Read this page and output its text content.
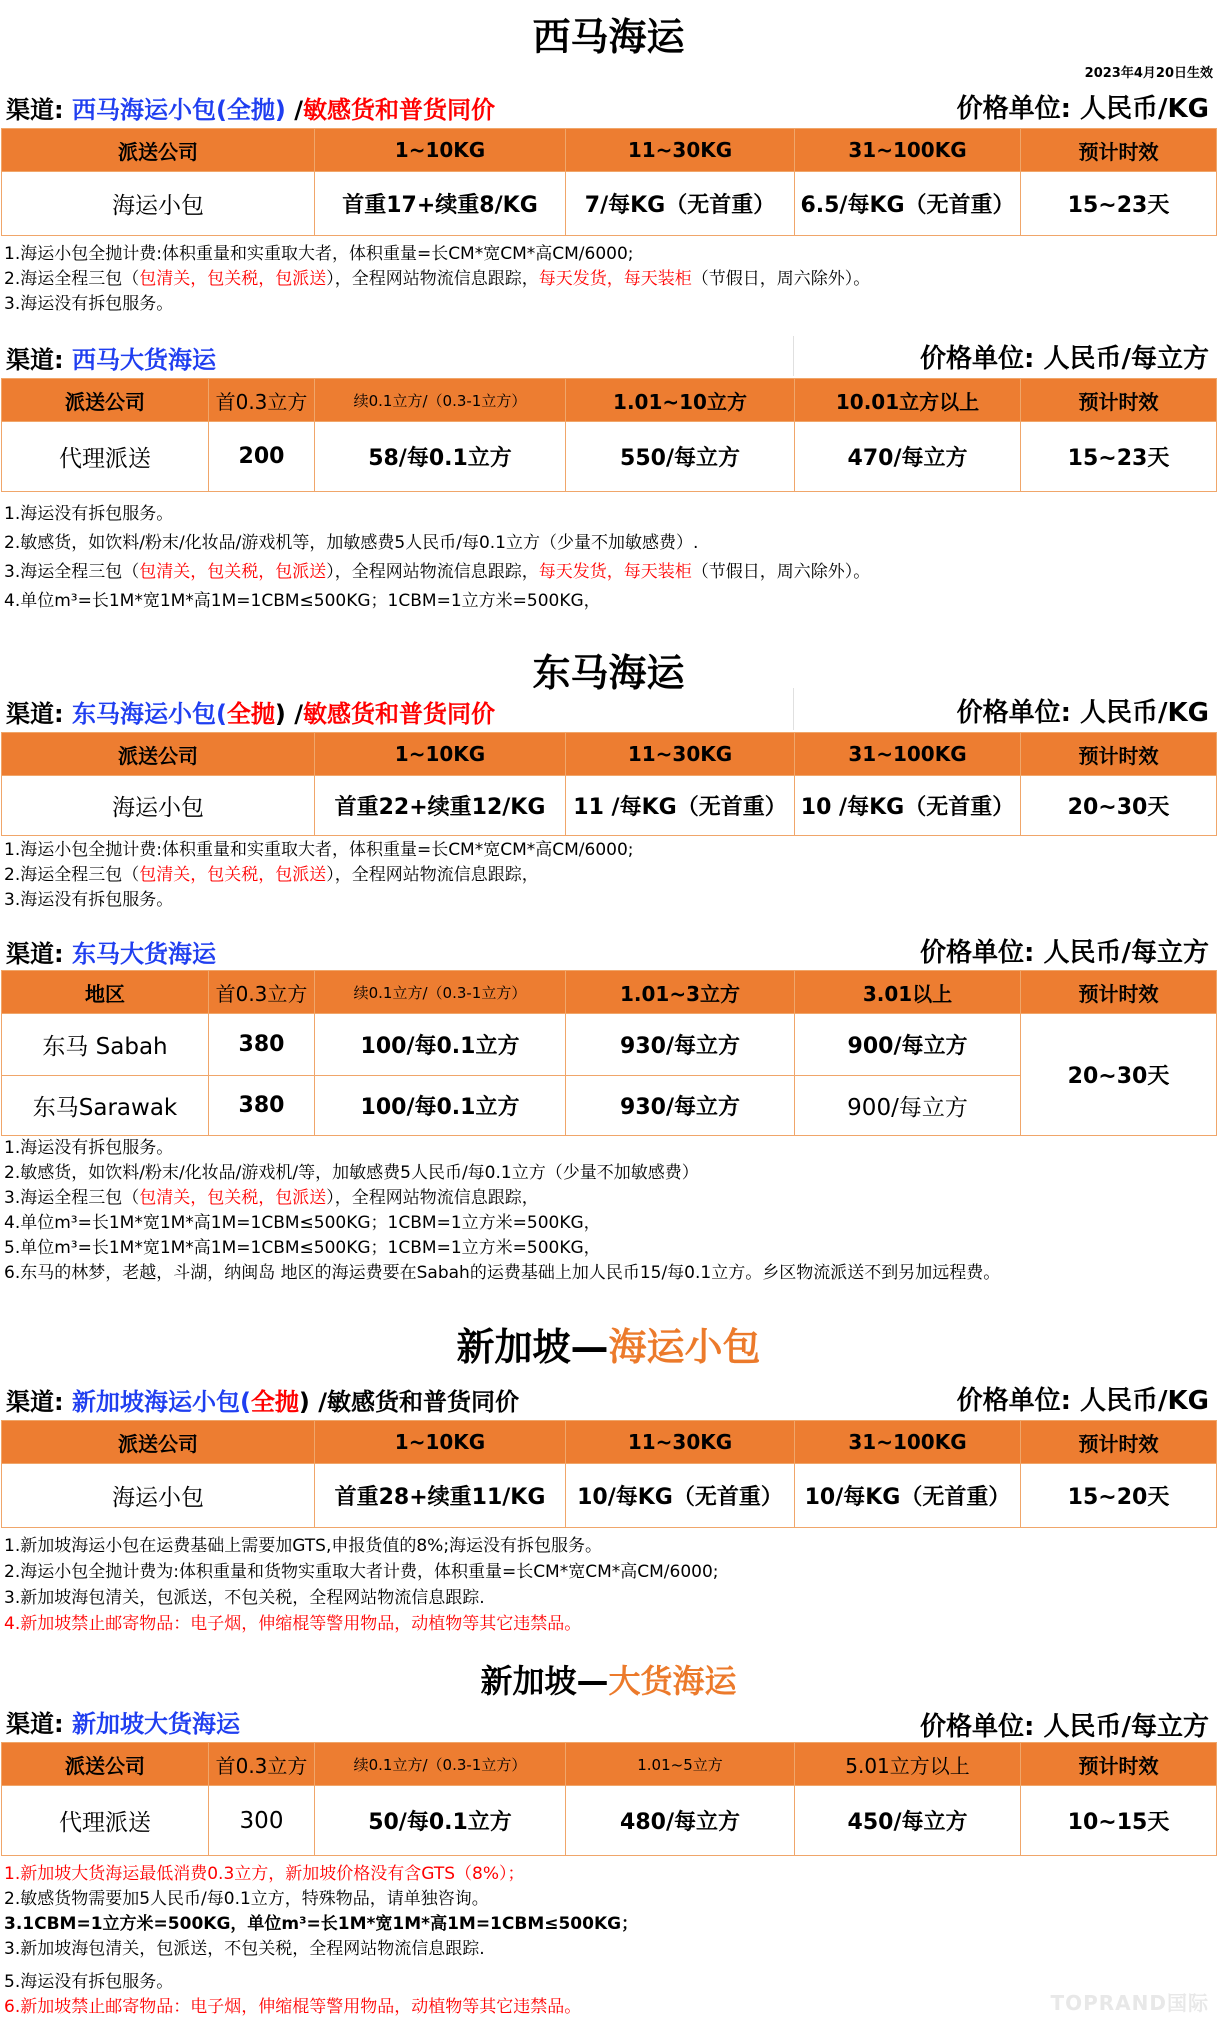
西马海运
2023年4月20日生效
渠道: 西马海运小包(全抛) /敏感货和普货同价	价格单位: 人民币/KG
派送公司	1~10KG	11~30KG	31~100KG	预计时效
海运小包	首重17+续重8/KG	7/每KG（无首重）	6.5/每KG（无首重）	15~23天
1.海运小包全抛计费:体积重量和实重取大者，体积重量=长CM*宽CM*高CM/6000;
2.海运全程三包（包清关，包关税，包派送），全程网站物流信息跟踪，每天发货，每天装柜（节假日，周六除外）。
3.海运没有拆包服务。
渠道: 西马大货海运	价格单位: 人民币/每立方
派送公司	首0.3立方	续0.1立方/（0.3-1立方）	1.01~10立方	10.01立方以上	预计时效
代理派送	200	58/每0.1立方	550/每立方	470/每立方	15~23天
1.海运没有拆包服务。
2.敏感货，如饮料/粉末/化妆品/游戏机等，加敏感费5人民币/每0.1立方（少量不加敏感费）.
3.海运全程三包（包清关，包关税，包派送），全程网站物流信息跟踪，每天发货，每天装柜（节假日，周六除外）。
4.单位m³=长1M*宽1M*高1M=1CBM≤500KG；1CBM=1立方米=500KG，
东马海运
渠道: 东马海运小包(全抛) /敏感货和普货同价	价格单位: 人民币/KG
派送公司	1~10KG	11~30KG	31~100KG	预计时效
海运小包	首重22+续重12/KG	11 /每KG（无首重）	10 /每KG（无首重）	20~30天
1.海运小包全抛计费:体积重量和实重取大者，体积重量=长CM*宽CM*高CM/6000;
2.海运全程三包（包清关，包关税，包派送），全程网站物流信息跟踪，
3.海运没有拆包服务。
渠道: 东马大货海运	价格单位: 人民币/每立方
地区	首0.3立方	续0.1立方/（0.3-1立方）	1.01~3立方	3.01以上	预计时效
东马 Sabah	380	100/每0.1立方	930/每立方	900/每立方	20~30天
东马Sarawak	380	100/每0.1立方	930/每立方	900/每立方	
1.海运没有拆包服务。
2.敏感货，如饮料/粉末/化妆品/游戏机/等，加敏感费5人民币/每0.1立方（少量不加敏感费）
3.海运全程三包（包清关，包关税，包派送），全程网站物流信息跟踪，
4.单位m³=长1M*宽1M*高1M=1CBM≤500KG；1CBM=1立方米=500KG，
5.单位m³=长1M*宽1M*高1M=1CBM≤500KG；1CBM=1立方米=500KG，
6.东马的林梦，老越，斗湖，纳闽岛 地区的海运费要在Sabah的运费基础上加人民币15/每0.1立方。乡区物流派送不到另加远程费。
新加坡—海运小包
渠道: 新加坡海运小包(全抛) /敏感货和普货同价	价格单位: 人民币/KG
派送公司	1~10KG	11~30KG	31~100KG	预计时效
海运小包	首重28+续重11/KG	10/每KG（无首重）	10/每KG（无首重）	15~20天
1.新加坡海运小包在运费基础上需要加GTS,申报货值的8%;海运没有拆包服务。
2.海运小包全抛计费为:体积重量和货物实重取大者计费，体积重量=长CM*宽CM*高CM/6000;
3.新加坡海包清关，包派送，不包关税，全程网站物流信息跟踪.
4.新加坡禁止邮寄物品：电子烟，伸缩棍等警用物品，动植物等其它违禁品。
新加坡—大货海运
渠道: 新加坡大货海运	价格单位: 人民币/每立方
派送公司	首0.3立方	续0.1立方/（0.3-1立方）	1.01~5立方	5.01立方以上	预计时效
代理派送	300	50/每0.1立方	480/每立方	450/每立方	10~15天
1.新加坡大货海运最低消费0.3立方，新加坡价格没有含GTS（8%）；
2.敏感货物需要加5人民币/每0.1立方，特殊物品，请单独咨询。
3.1CBM=1立方米=500KG，单位m³=长1M*宽1M*高1M=1CBM≤500KG；
3.新加坡海包清关，包派送，不包关税，全程网站物流信息跟踪.
5.海运没有拆包服务。
6.新加坡禁止邮寄物品：电子烟，伸缩棍等警用物品，动植物等其它违禁品。	TOPRAND国际
